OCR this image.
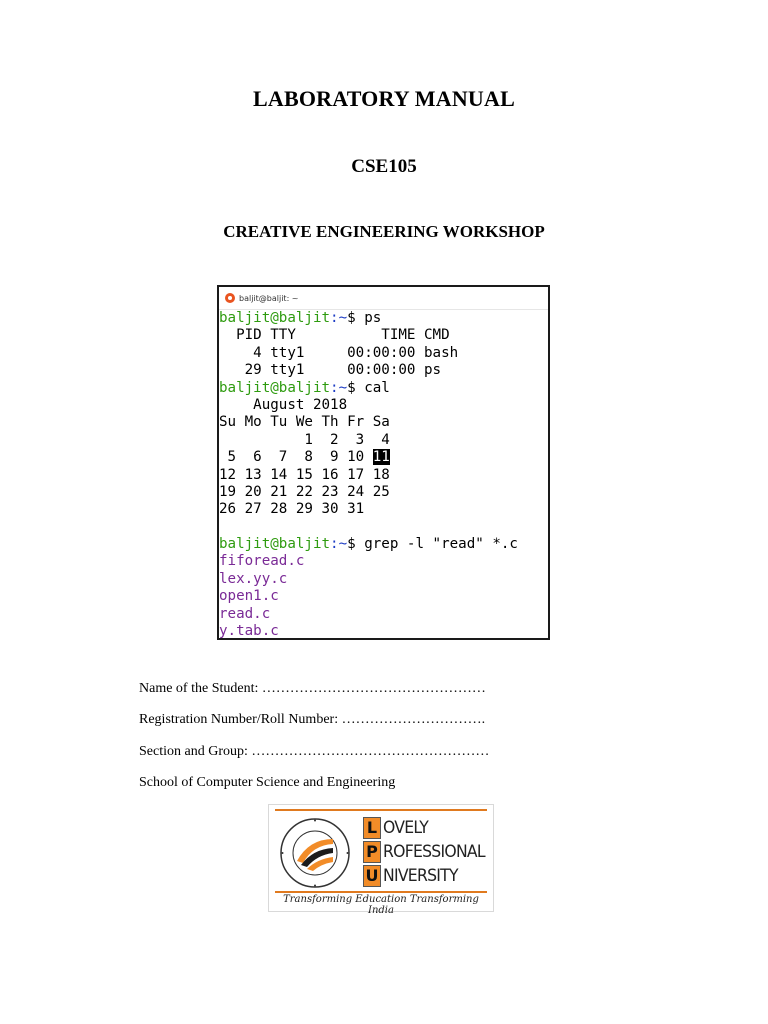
LABORATORY MANUAL
CSE105
CREATIVE ENGINEERING WORKSHOP
baljit@baljit: ~
baljit@baljit:~$ ps
PID TTY          TIME CMD
4 tty1     00:00:00 bash
29 tty1     00:00:00 ps
baljit@baljit:~$ cal
August 2018
Su Mo Tu We Th Fr Sa
1  2  3  4
5  6  7  8  9 10 11
12 13 14 15 16 17 18
19 20 21 22 23 24 25
26 27 28 29 30 31
baljit@baljit:~$ grep -l "read" *.c
fiforead.c
lex.yy.c
open1.c
read.c
y.tab.c
Name of the Student: …………………………………………
Registration Number/Roll Number: ………………………….
Section and Group: ……………………………………………
School of Computer Science and Engineering
L OVELY
P ROFESSIONAL
U NIVERSITY
Transforming Education Transforming India
